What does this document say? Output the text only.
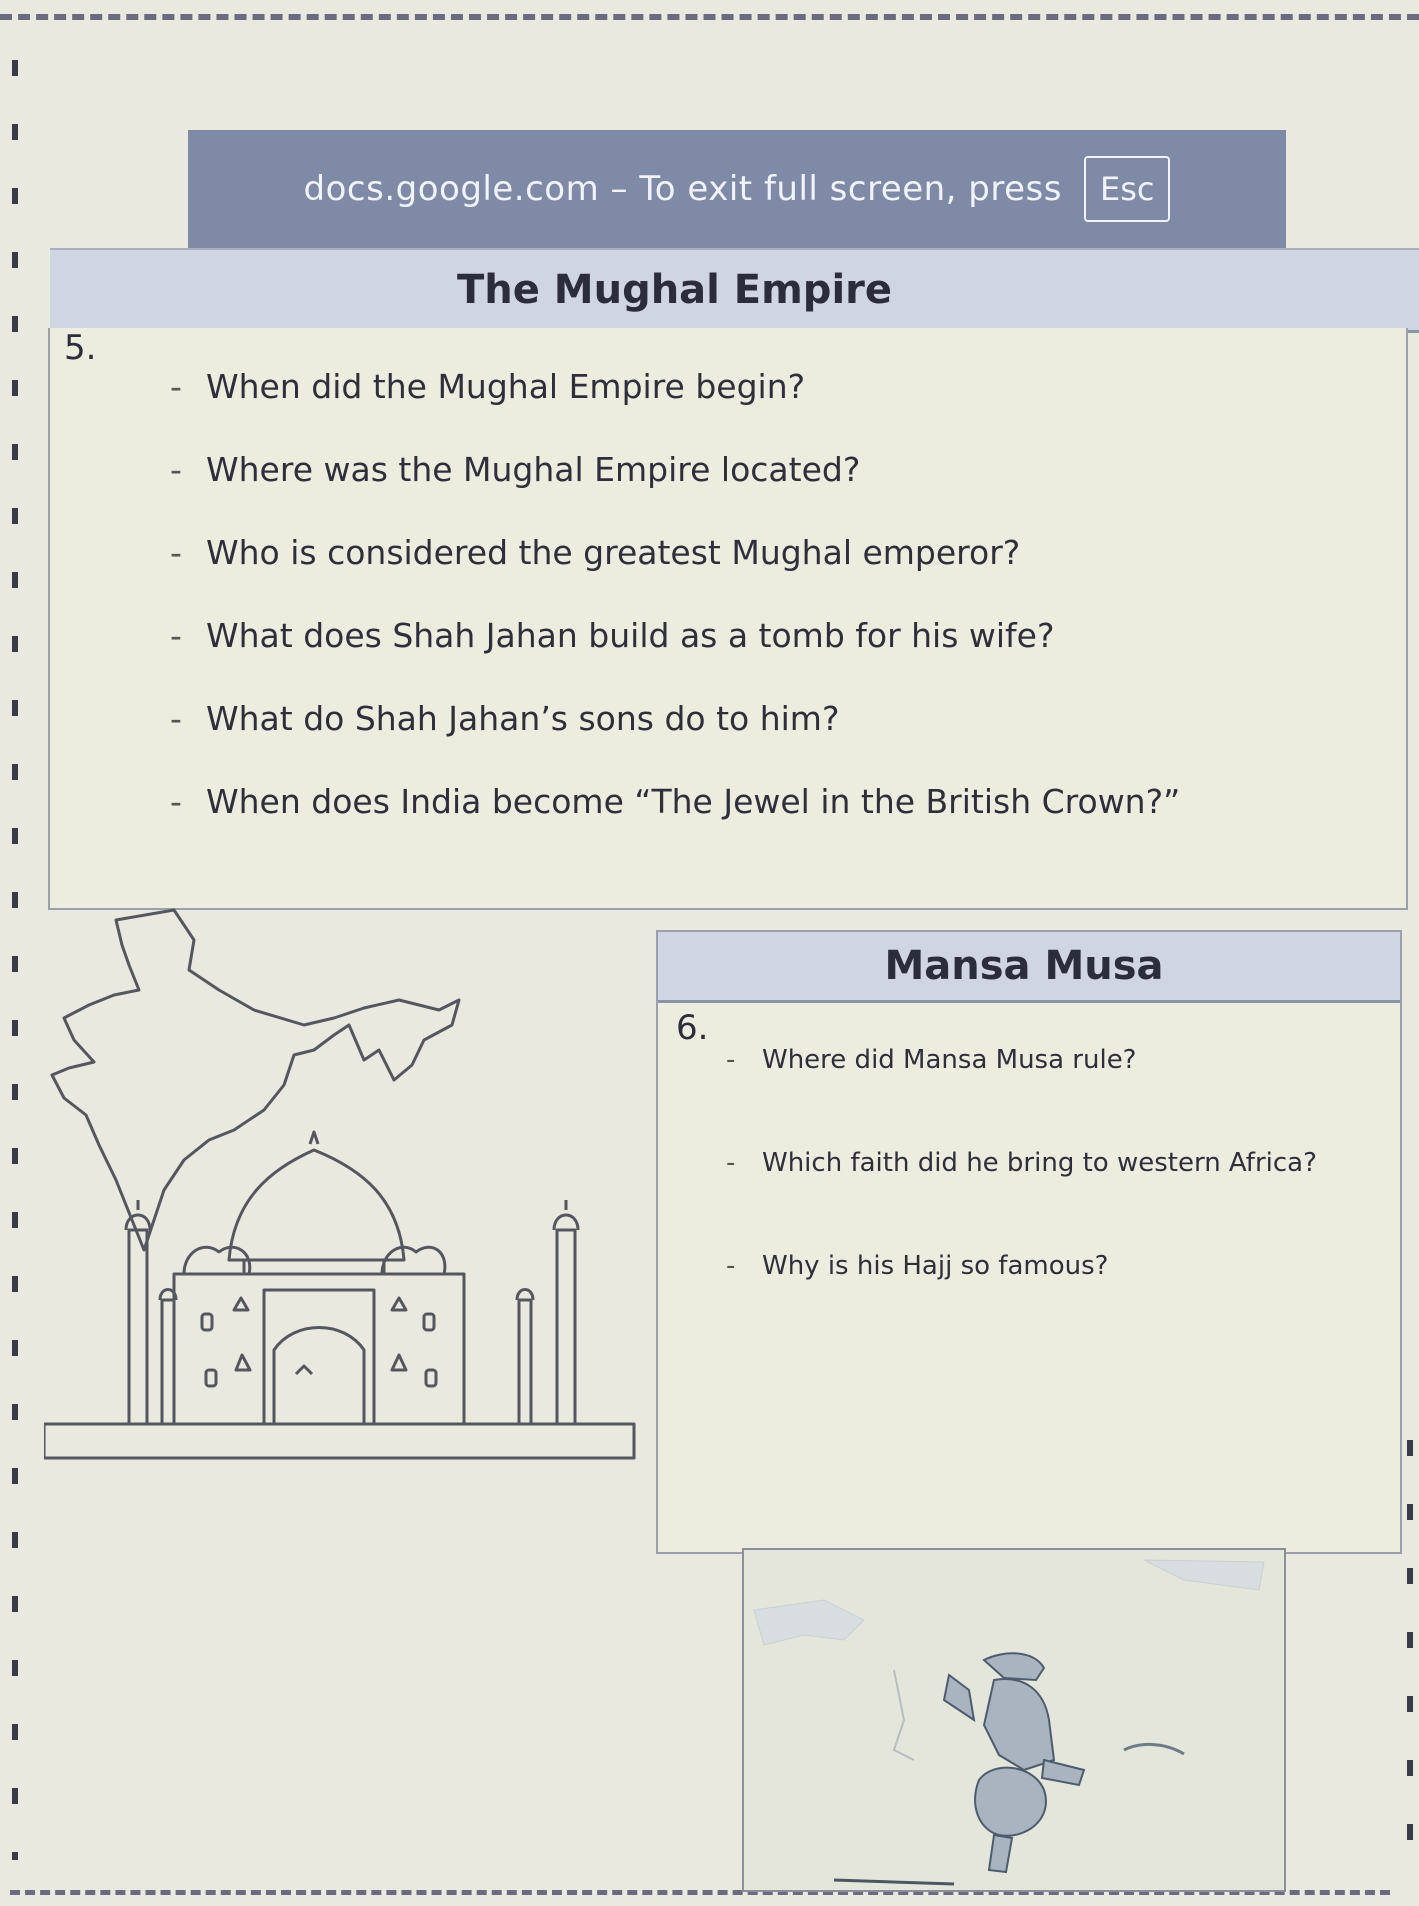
docs.google.com – To exit full screen, press	Esc
The Mughal Empire
5.
- When did the Mughal Empire begin?
- Where was the Mughal Empire located?
- Who is considered the greatest Mughal emperor?
- What does Shah Jahan build as a tomb for his wife?
- What do Shah Jahan’s sons do to him?
- When does India become “The Jewel in the British Crown?”
Mansa Musa
6.
- Where did Mansa Musa rule?
- Which faith did he bring to western Africa?
- Why is his Hajj so famous?
